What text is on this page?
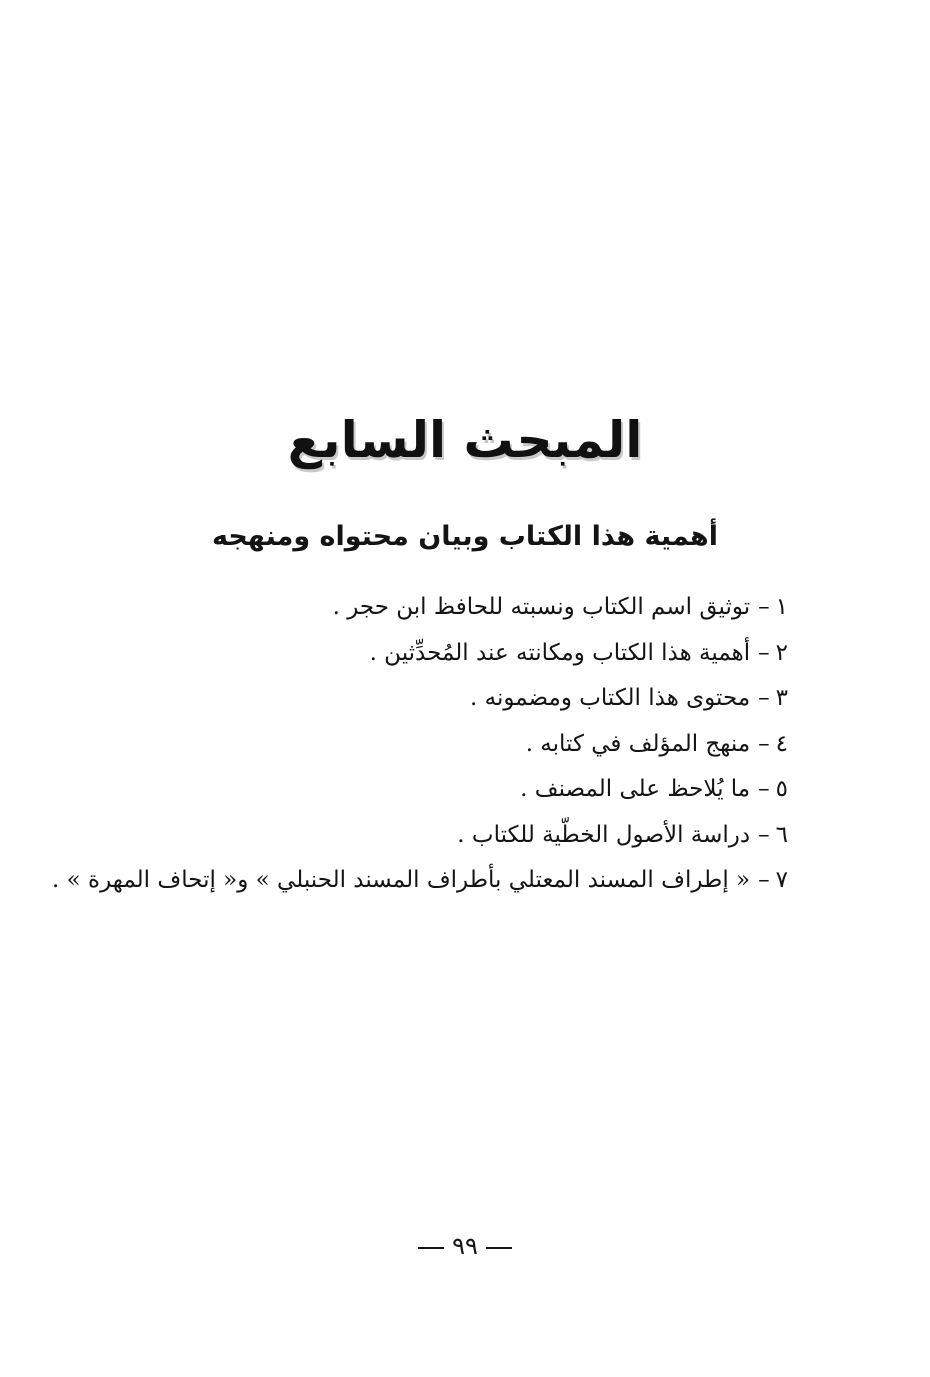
المبحث السابع
أهمية هذا الكتاب وبيان محتواه ومنهجه
١–توثيق اسم الكتاب ونسبته للحافظ ابن حجر .
٢–أهمية هذا الكتاب ومكانته عند المُحدِّثين .
٣–محتوى هذا الكتاب ومضمونه .
٤–منهج المؤلف في كتابه .
٥–ما يُلاحظ على المصنف .
٦–دراسة الأصول الخطّية للكتاب .
٧–« إطراف المسند المعتلي بأطراف المسند الحنبلي » و« إتحاف المهرة » .
٩٩
